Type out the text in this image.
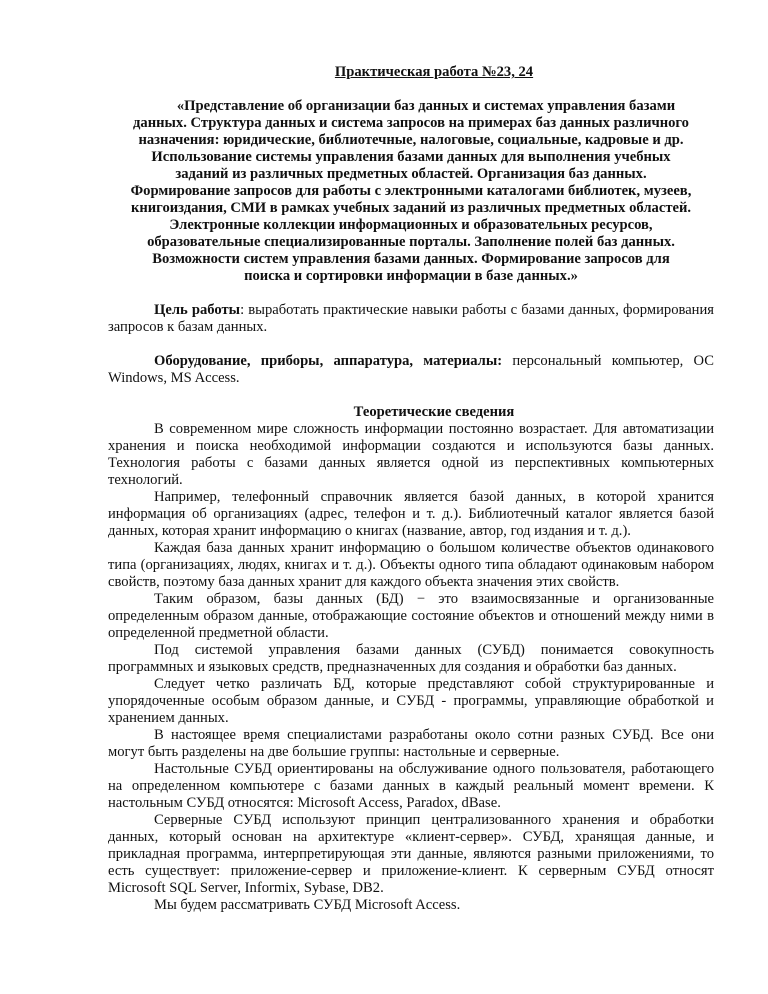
Практическая работа №23, 24
«Представление об организации баз данных и системах управления базами
данных. Структура данных и система запросов на примерах баз данных различного
назначения: юридические, библиотечные, налоговые, социальные, кадровые и др.
Использование системы управления базами данных для выполнения учебных
заданий из различных предметных областей. Организация баз данных.
Формирование запросов для работы с электронными каталогами библиотек, музеев,
книгоиздания, СМИ в рамках учебных заданий из различных предметных областей.
Электронные коллекции информационных и образовательных ресурсов,
образовательные специализированные порталы. Заполнение полей баз данных.
Возможности систем управления базами данных. Формирование запросов для
поиска и сортировки информации в базе данных.»

Цель работы: выработать практические навыки работы с базами данных, формирования запросов к базам данных.

Оборудование, приборы, аппаратура, материалы: персональный компьютер, ОС Windows, MS Access.

Теоретические сведения

В современном мире сложность информации постоянно возрастает. Для автоматизации хранения и поиска необходимой информации создаются и используются базы данных. Технология работы с базами данных является одной из перспективных компьютерных технологий.

Например, телефонный справочник является базой данных, в которой хранится информация об организациях (адрес, телефон и т. д.). Библиотечный каталог является базой данных, которая хранит информацию о книгах (название, автор, год издания и т. д.).

Каждая база данных хранит информацию о большом количестве объектов одинакового типа (организациях, людях, книгах и т. д.). Объекты одного типа обладают одинаковым набором свойств, поэтому база данных хранит для каждого объекта значения этих свойств.

Таким образом, базы данных (БД) − это взаимосвязанные и организованные определенным образом данные, отображающие состояние объектов и отношений между ними в определенной предметной области.

Под системой управления базами данных (СУБД) понимается совокупность программных и языковых средств, предназначенных для создания и обработки баз данных.

Следует четко различать БД, которые представляют собой структурированные и упорядоченные особым образом данные, и СУБД - программы, управляющие обработкой и хранением данных.

В настоящее время специалистами разработаны около сотни разных СУБД. Все они могут быть разделены на две большие группы: настольные и серверные.

Настольные СУБД ориентированы на обслуживание одного пользователя, работающего на определенном компьютере с базами данных в каждый реальный момент времени. К настольным СУБД относятся: Microsoft Access, Paradox, dBase.

Серверные СУБД используют принцип централизованного хранения и обработки данных, который основан на архитектуре «клиент-сервер». СУБД, хранящая данные, и прикладная программа, интерпретирующая эти данные, являются разными приложениями, то есть существует: приложение-сервер и приложение-клиент. К серверным СУБД относят Microsoft SQL Server, Informix, Sybase, DB2.

Мы будем рассматривать СУБД Microsoft Access.
